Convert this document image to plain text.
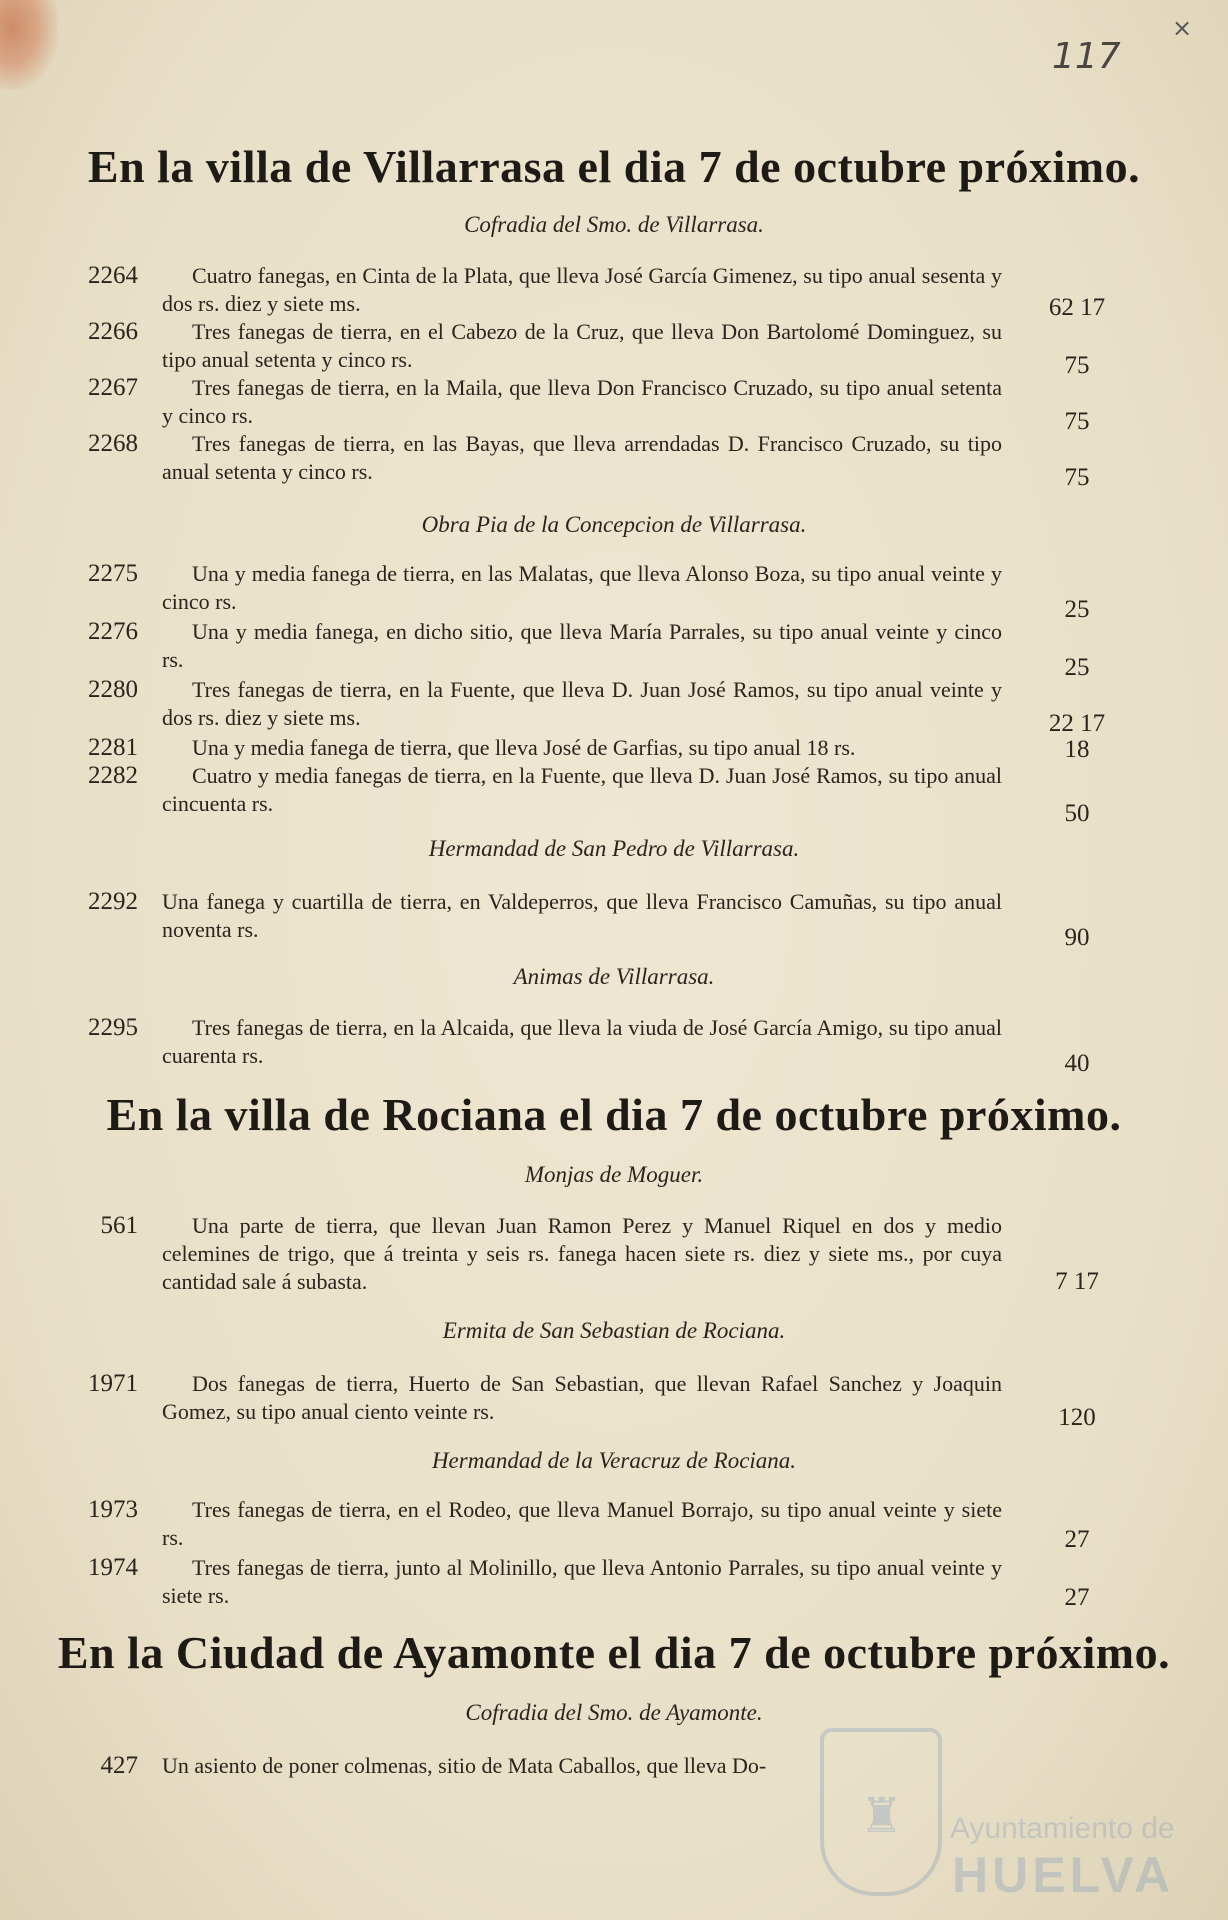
×
117
En la villa de Villarrasa el dia 7 de octubre próximo.
Cofradia del Smo. de Villarrasa.
2264	Cuatro fanegas, en Cinta de la Plata, que lleva José García Gimenez, su tipo anual sesenta y dos rs. diez y siete ms.	62 17
2266	Tres fanegas de tierra, en el Cabezo de la Cruz, que lleva Don Bartolomé Dominguez, su tipo anual setenta y cinco rs.	75
2267	Tres fanegas de tierra, en la Maila, que lleva Don Francisco Cruzado, su tipo anual setenta y cinco rs.	75
2268	Tres fanegas de tierra, en las Bayas, que lleva arrendadas D. Francisco Cruzado, su tipo anual setenta y cinco rs.	75
Obra Pia de la Concepcion de Villarrasa.
2275	Una y media fanega de tierra, en las Malatas, que lleva Alonso Boza, su tipo anual veinte y cinco rs.	25
2276	Una y media fanega, en dicho sitio, que lleva María Parrales, su tipo anual veinte y cinco rs.	25
2280	Tres fanegas de tierra, en la Fuente, que lleva D. Juan José Ramos, su tipo anual veinte y dos rs. diez y siete ms.	22 17
2281	Una y media fanega de tierra, que lleva José de Garfias, su tipo anual 18 rs.	18
2282	Cuatro y media fanegas de tierra, en la Fuente, que lleva D. Juan José Ramos, su tipo anual cincuenta rs.	50
Hermandad de San Pedro de Villarrasa.
2292 Una fanega y cuartilla de tierra, en Valdeperros, que lleva Francisco Camuñas, su tipo anual noventa rs.	90
Animas de Villarrasa.
2295	Tres fanegas de tierra, en la Alcaida, que lleva la viuda de José García Amigo, su tipo anual cuarenta rs.	40
En la villa de Rociana el dia 7 de octubre próximo.
Monjas de Moguer.
561	Una parte de tierra, que llevan Juan Ramon Perez y Manuel Riquel en dos y medio celemines de trigo, que á treinta y seis rs. fanega hacen siete rs. diez y siete ms., por cuya cantidad sale á subasta.	7 17
Ermita de San Sebastian de Rociana.
1971	Dos fanegas de tierra, Huerto de San Sebastian, que llevan Rafael Sanchez y Joaquin Gomez, su tipo anual ciento veinte rs.	120
Hermandad de la Veracruz de Rociana.
1973	Tres fanegas de tierra, en el Rodeo, que lleva Manuel Borrajo, su tipo anual veinte y siete rs.	27
1974	Tres fanegas de tierra, junto al Molinillo, que lleva Antonio Parrales, su tipo anual veinte y siete rs.	27
En la Ciudad de Ayamonte el dia 7 de octubre próximo.
Cofradia del Smo. de Ayamonte.
427 Un asiento de poner colmenas, sitio de Mata Caballos, que lleva Do-
♜ Ayuntamiento de
HUELVA
